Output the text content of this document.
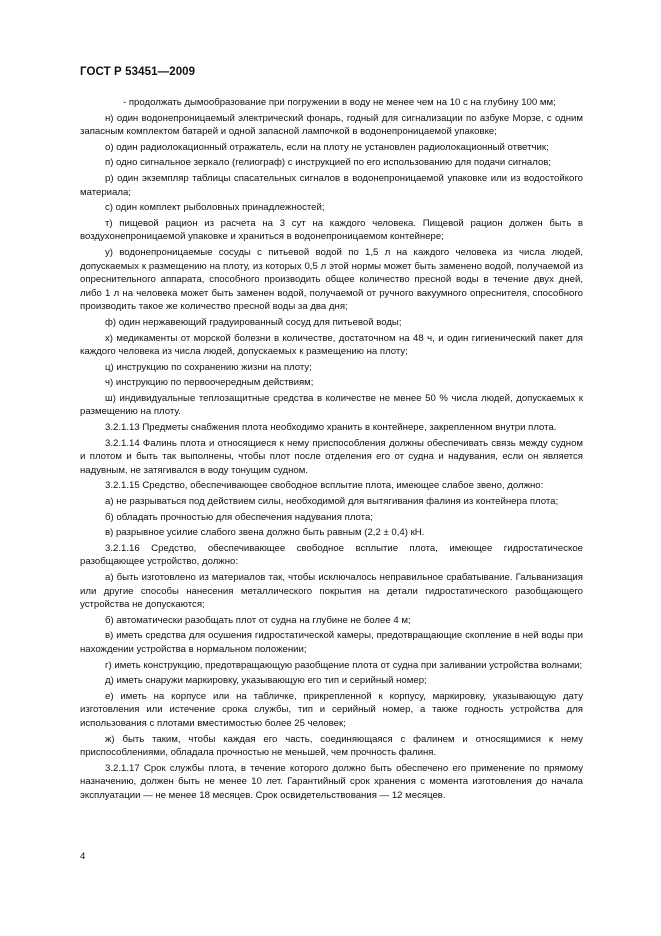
ГОСТ Р 53451—2009

- продолжать дымообразование при погружении в воду не менее чем на 10 с на глубину 100 мм;

н) один водонепроницаемый электрический фонарь, годный для сигнализации по азбуке Морзе, с одним запасным комплектом батарей и одной запасной лампочкой в водонепроницаемой упаковке;

о) один радиолокационный отражатель, если на плоту не установлен радиолокационный ответчик;

п) одно сигнальное зеркало (гелиограф) с инструкцией по его использованию для подачи сигналов;

р) один экземпляр таблицы спасательных сигналов в водонепроницаемой упаковке или из водостойкого материала;

с) один комплект рыболовных принадлежностей;

т) пищевой рацион из расчета на 3 сут на каждого человека. Пищевой рацион должен быть в воздухонепроницаемой упаковке и храниться в водонепроницаемом контейнере;

у) водонепроницаемые сосуды с питьевой водой по 1,5 л на каждого человека из числа людей, допускаемых к размещению на плоту, из которых 0,5 л этой нормы может быть заменено водой, получаемой из опреснительного аппарата, способного производить общее количество пресной воды в течение двух дней, либо 1 л на человека может быть заменен водой, получаемой от ручного вакуумного опреснителя, способного производить такое же количество пресной воды за два дня;

ф) один нержавеющий градуированный сосуд для питьевой воды;

х) медикаменты от морской болезни в количестве, достаточном на 48 ч, и один гигиенический пакет для каждого человека из числа людей, допускаемых к размещению на плоту;

ц) инструкцию по сохранению жизни на плоту;

ч) инструкцию по первоочередным действиям;

ш) индивидуальные теплозащитные средства в количестве не менее 50 % числа людей, допускаемых к размещению на плоту.

3.2.1.13 Предметы снабжения плота необходимо хранить в контейнере, закрепленном внутри плота.

3.2.1.14 Фалинь плота и относящиеся к нему приспособления должны обеспечивать связь между судном и плотом и быть так выполнены, чтобы плот после отделения его от судна и надувания, если он является надувным, не затягивался в воду тонущим судном.

3.2.1.15 Средство, обеспечивающее свободное всплытие плота, имеющее слабое звено, должно:

а) не разрываться под действием силы, необходимой для вытягивания фалиня из контейнера плота;

б) обладать прочностью для обеспечения надувания плота;

в) разрывное усилие слабого звена должно быть равным (2,2 ± 0,4) кН.

3.2.1.16 Средство, обеспечивающее свободное всплытие плота, имеющее гидростатическое разобщающее устройство, должно:

а) быть изготовлено из материалов так, чтобы исключалось неправильное срабатывание. Гальванизация или другие способы нанесения металлического покрытия на детали гидростатического разобщающего устройства не допускаются;

б) автоматически разобщать плот от судна на глубине не более 4 м;

в) иметь средства для осушения гидростатической камеры, предотвращающие скопление в ней воды при нахождении устройства в нормальном положении;

г) иметь конструкцию, предотвращающую разобщение плота от судна при заливании устройства волнами;

д) иметь снаружи маркировку, указывающую его тип и серийный номер;

е) иметь на корпусе или на табличке, прикрепленной к корпусу, маркировку, указывающую дату изготовления или истечение срока службы, тип и серийный номер, а также годность устройства для использования с плотами вместимостью более 25 человек;

ж) быть таким, чтобы каждая его часть, соединяющаяся с фалинем и относящимися к нему приспособлениями, обладала прочностью не меньшей, чем прочность фалиня.

3.2.1.17 Срок службы плота, в течение которого должно быть обеспечено его применение по прямому назначению, должен быть не менее 10 лет. Гарантийный срок хранения с момента изготовления до начала эксплуатации — не менее 18 месяцев. Срок освидетельствования — 12 месяцев.

4
